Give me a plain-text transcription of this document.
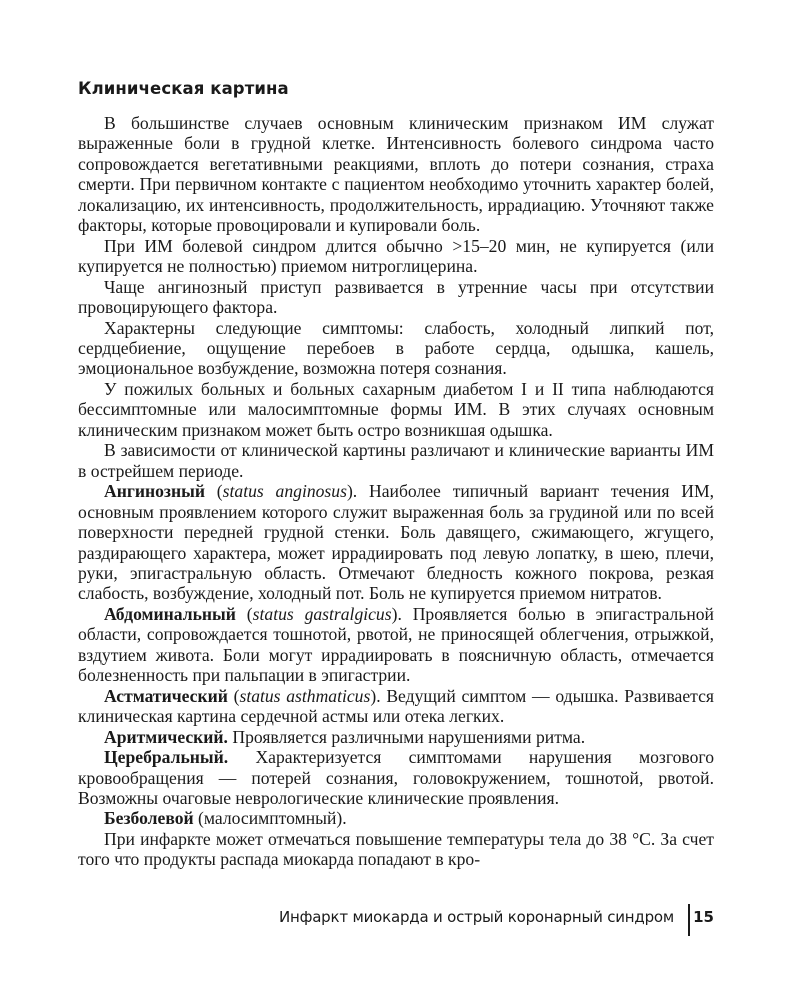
Клиническая картина

В большинстве случаев основным клиническим признаком ИМ служат выраженные боли в грудной клетке. Интенсивность болевого синдрома часто сопровождается вегетативными реакциями, вплоть до потери сознания, страха смерти. При первичном контакте с пациентом необходимо уточнить характер болей, локализацию, их интенсивность, продолжительность, иррадиацию. Уточняют также факторы, которые провоцировали и купировали боль.

При ИМ болевой синдром длится обычно >15–20 мин, не купируется (или купируется не полностью) приемом нитроглицерина.

Чаще ангинозный приступ развивается в утренние часы при отсутствии провоцирующего фактора.

Характерны следующие симптомы: слабость, холодный липкий пот, сердцебиение, ощущение перебоев в работе сердца, одышка, кашель, эмоциональное возбуждение, возможна потеря сознания.

У пожилых больных и больных сахарным диабетом I и II типа наблюдаются бессимптомные или малосимптомные формы ИМ. В этих случаях основным клиническим признаком может быть остро возникшая одышка.

В зависимости от клинической картины различают и клинические варианты ИМ в острейшем периоде.

Ангинозный (status anginosus). Наиболее типичный вариант течения ИМ, основным проявлением которого служит выраженная боль за грудиной или по всей поверхности передней грудной стенки. Боль давящего, сжимающего, жгущего, раздирающего характера, может иррадиировать под левую лопатку, в шею, плечи, руки, эпигастральную область. Отмечают бледность кожного покрова, резкая слабость, возбуждение, холодный пот. Боль не купируется приемом нитратов.

Абдоминальный (status gastralgicus). Проявляется болью в эпигастральной области, сопровождается тошнотой, рвотой, не приносящей облегчения, отрыжкой, вздутием живота. Боли могут иррадиировать в поясничную область, отмечается болезненность при пальпации в эпигастрии.

Астматический (status asthmaticus). Ведущий симптом — одышка. Развивается клиническая картина сердечной астмы или отека легких.

Аритмический. Проявляется различными нарушениями ритма.

Церебральный. Характеризуется симптомами нарушения мозгового кровообращения — потерей сознания, головокружением, тошнотой, рвотой. Возможны очаговые неврологические клинические проявления.

Безболевой (малосимптомный).

При инфаркте может отмечаться повышение температуры тела до 38 °С. За счет того что продукты распада миокарда попадают в кро-

Инфаркт миокарда и острый коронарный синдром 15
